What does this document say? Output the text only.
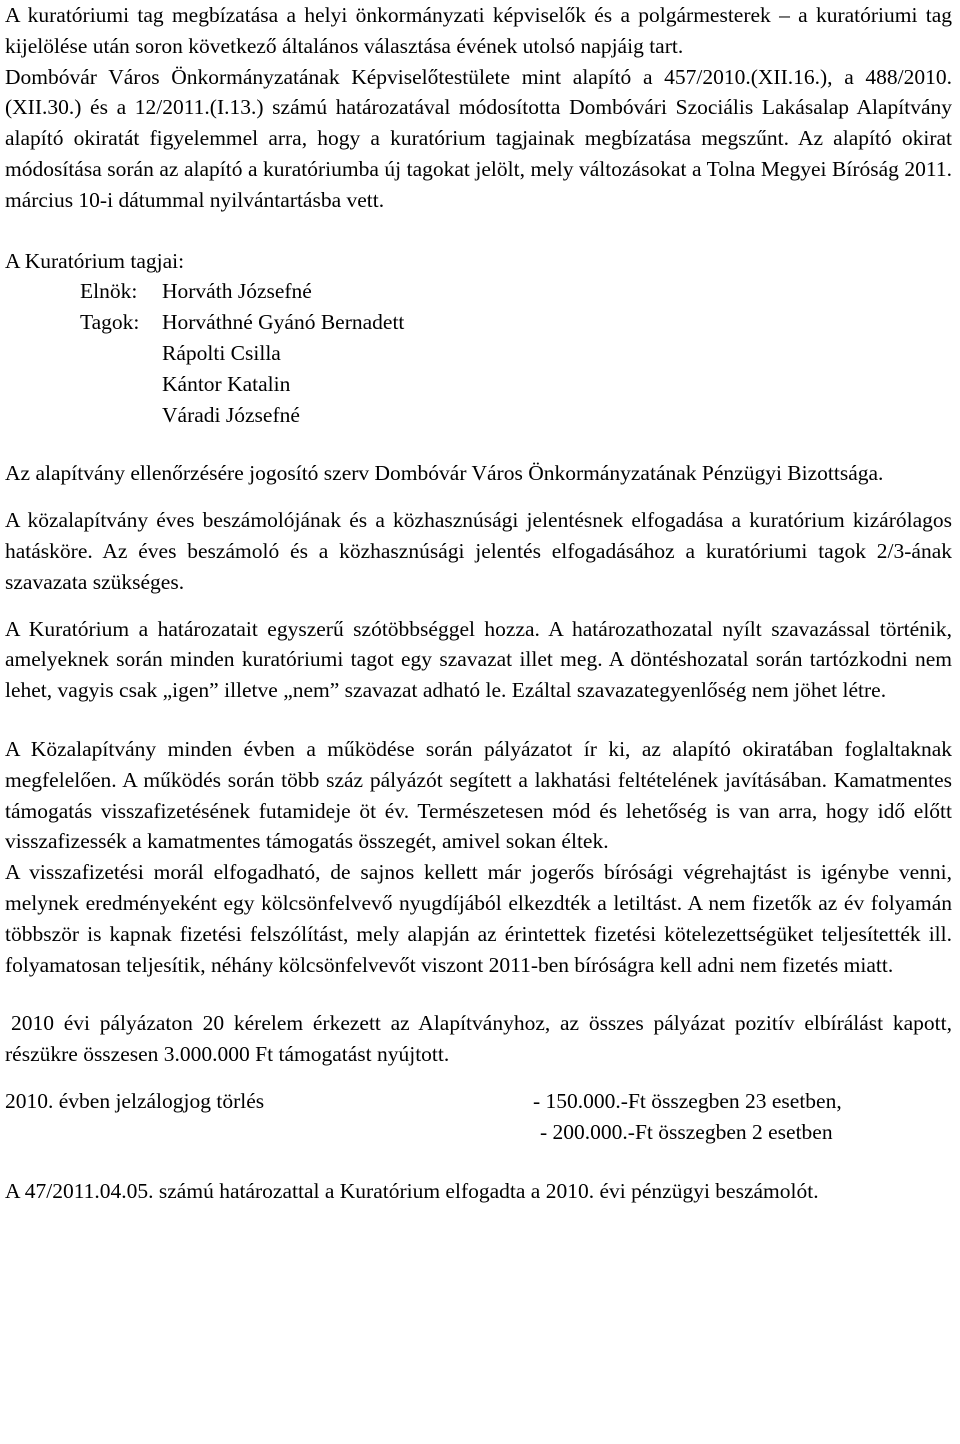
A kuratóriumi tag megbízatása a helyi önkormányzati képviselők és a polgármesterek – a kuratóriumi tag kijelölése után soron következő általános választása évének utolsó napjáig tart.

Dombóvár Város Önkormányzatának Képviselőtestülete mint alapító a 457/2010.(XII.16.), a 488/2010.(XII.30.) és a 12/2011.(I.13.) számú határozatával módosította Dombóvári Szociális Lakásalap Alapítvány alapító okiratát figyelemmel arra, hogy a kuratórium tagjainak megbízatása megszűnt. Az alapító okirat módosítása során az alapító a kuratóriumba új tagokat jelölt, mely változásokat a Tolna Megyei Bíróság 2011. március 10-i dátummal nyilvántartásba vett.

A Kuratórium tagjai:

Elnök: Horváth Józsefné
Tagok: Horváthné Gyánó Bernadett
Rápolti Csilla
Kántor Katalin
Váradi Józsefné

Az alapítvány ellenőrzésére jogosító szerv Dombóvár Város Önkormányzatának Pénzügyi Bizottsága.

A közalapítvány éves beszámolójának és a közhasznúsági jelentésnek elfogadása a kuratórium kizárólagos hatásköre. Az éves beszámoló és a közhasznúsági jelentés elfogadásához a kuratóriumi tagok 2/3-ának szavazata szükséges.

A Kuratórium a határozatait egyszerű szótöbbséggel hozza. A határozathozatal nyílt szavazással történik, amelyeknek során minden kuratóriumi tagot egy szavazat illet meg. A döntéshozatal során tartózkodni nem lehet, vagyis csak „igen” illetve „nem” szavazat adható le. Ezáltal szavazategyenlőség nem jöhet létre.

A Közalapítvány minden évben a működése során pályázatot ír ki, az alapító okiratában foglaltaknak megfelelően. A működés során több száz pályázót segített a lakhatási feltételének javításában. Kamatmentes támogatás visszafizetésének futamideje öt év. Természetesen mód és lehetőség is van arra, hogy idő előtt visszafizessék a kamatmentes támogatás összegét, amivel sokan éltek.

A visszafizetési morál elfogadható, de sajnos kellett már jogerős bírósági végrehajtást is igénybe venni, melynek eredményeként egy kölcsönfelvevő nyugdíjából elkezdték a letiltást. A nem fizetők az év folyamán többször is kapnak fizetési felszólítást, mely alapján az érintettek fizetési kötelezettségüket teljesítették ill. folyamatosan teljesítik, néhány kölcsönfelvevőt viszont 2011-ben bíróságra kell adni nem fizetés miatt.

2010 évi pályázaton 20 kérelem érkezett az Alapítványhoz, az összes pályázat pozitív elbírálást kapott, részükre összesen 3.000.000 Ft támogatást nyújtott.

2010. évben jelzálogjog törlés	- 150.000.-Ft összegben 23 esetben,
- 200.000.-Ft összegben 2 esetben

A 47/2011.04.05. számú határozattal a Kuratórium elfogadta a 2010. évi pénzügyi beszámolót.
